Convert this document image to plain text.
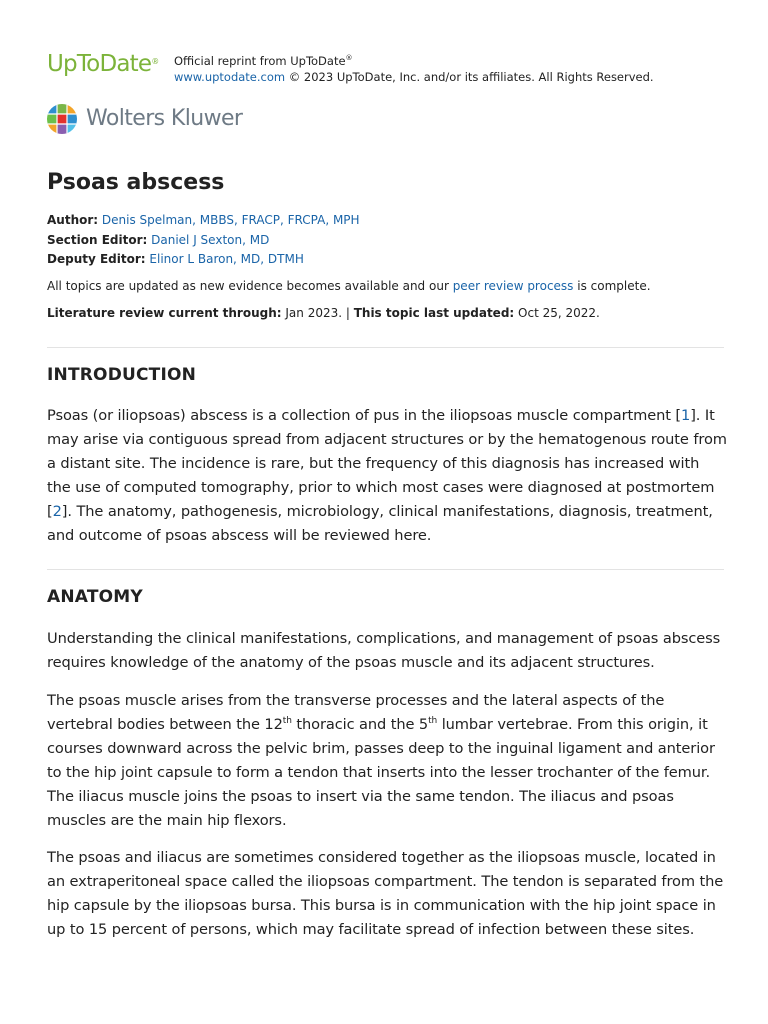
UpToDate® Official reprint from UpToDate®
www.uptodate.com © 2023 UpToDate, Inc. and/or its affiliates. All Rights Reserved.
Wolters Kluwer
Psoas abscess
Author: Denis Spelman, MBBS, FRACP, FRCPA, MPH
Section Editor: Daniel J Sexton, MD
Deputy Editor: Elinor L Baron, MD, DTMH
All topics are updated as new evidence becomes available and our peer review process is complete.
Literature review current through: Jan 2023. | This topic last updated: Oct 25, 2022.
INTRODUCTION

Psoas (or iliopsoas) abscess is a collection of pus in the iliopsoas muscle compartment [1]. It may arise via contiguous spread from adjacent structures or by the hematogenous route from a distant site. The incidence is rare, but the frequency of this diagnosis has increased with the use of computed tomography, prior to which most cases were diagnosed at postmortem [2]. The anatomy, pathogenesis, microbiology, clinical manifestations, diagnosis, treatment, and outcome of psoas abscess will be reviewed here.

ANATOMY

Understanding the clinical manifestations, complications, and management of psoas abscess requires knowledge of the anatomy of the psoas muscle and its adjacent structures.

The psoas muscle arises from the transverse processes and the lateral aspects of the vertebral bodies between the 12th thoracic and the 5th lumbar vertebrae. From this origin, it courses downward across the pelvic brim, passes deep to the inguinal ligament and anterior to the hip joint capsule to form a tendon that inserts into the lesser trochanter of the femur. The iliacus muscle joins the psoas to insert via the same tendon. The iliacus and psoas muscles are the main hip flexors.

The psoas and iliacus are sometimes considered together as the iliopsoas muscle, located in an extraperitoneal space called the iliopsoas compartment. The tendon is separated from the hip capsule by the iliopsoas bursa. This bursa is in communication with the hip joint space in up to 15 percent of persons, which may facilitate spread of infection between these sites.
